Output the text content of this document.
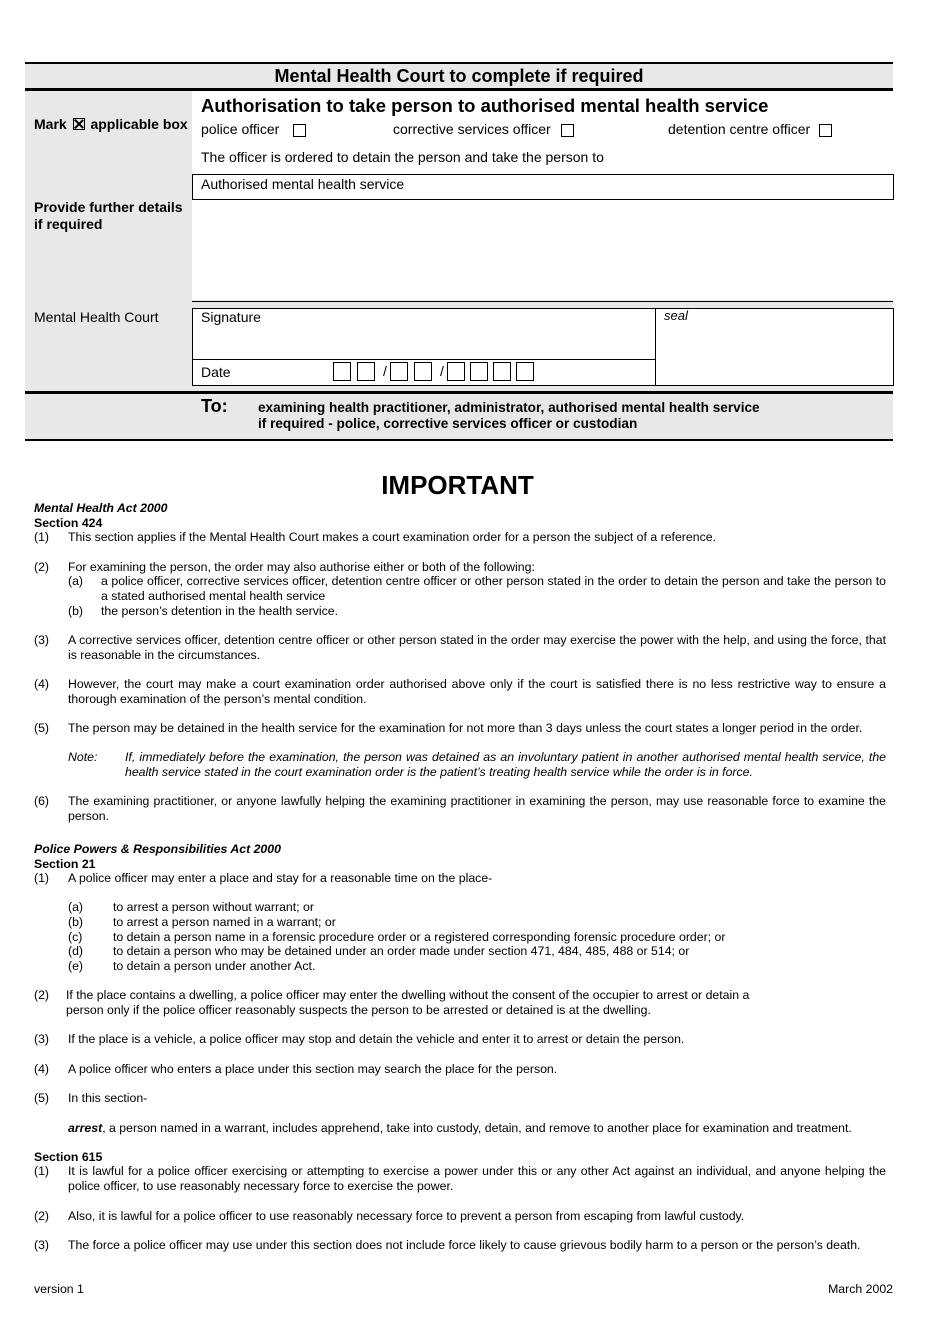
Mental Health Court to complete if required
Mark applicable box
Authorisation to take person to authorised mental health service
police officer	corrective services officer	detention centre officer
The officer is ordered to detain the person and take the person to
Authorised mental health service
Provide further details if required
Mental Health Court	Signature	seal
Date	/	/
To: examining health practitioner, administrator, authorised mental health service
if required - police, corrective services officer or custodian
IMPORTANT
Mental Health Act 2000
Section 424
(1) This section applies if the Mental Health Court makes a court examination order for a person the subject of a reference.
(2) For examining the person, the order may also authorise either or both of the following:
(a) a police officer, corrective services officer, detention centre officer or other person stated in the order to detain the person and take the person to a stated authorised mental health service
(b) the person’s detention in the health service.
(3) A corrective services officer, detention centre officer or other person stated in the order may exercise the power with the help, and using the force, that is reasonable in the circumstances.
(4) However, the court may make a court examination order authorised above only if the court is satisfied there is no less restrictive way to ensure a thorough examination of the person’s mental condition.
(5) The person may be detained in the health service for the examination for not more than 3 days unless the court states a longer period in the order.
Note: If, immediately before the examination, the person was detained as an involuntary patient in another authorised mental health service, the health service stated in the court examination order is the patient’s treating health service while the order is in force.
(6) The examining practitioner, or anyone lawfully helping the examining practitioner in examining the person, may use reasonable force to examine the person.
Police Powers & Responsibilities Act 2000
Section 21
(1) A police officer may enter a place and stay for a reasonable time on the place-
(a) to arrest a person without warrant; or
(b) to arrest a person named in a warrant; or
(c) to detain a person name in a forensic procedure order or a registered corresponding forensic procedure order; or
(d) to detain a person who may be detained under an order made under section 471, 484, 485, 488 or 514; or
(e) to detain a person under another Act.
(2) If the place contains a dwelling, a police officer may enter the dwelling without the consent of the occupier to arrest or detain a person only if the police officer reasonably suspects the person to be arrested or detained is at the dwelling.
(3) If the place is a vehicle, a police officer may stop and detain the vehicle and enter it to arrest or detain the person.
(4) A police officer who enters a place under this section may search the place for the person.
(5) In this section-
arrest, a person named in a warrant, includes apprehend, take into custody, detain, and remove to another place for examination and treatment.
Section 615
(1) It is lawful for a police officer exercising or attempting to exercise a power under this or any other Act against an individual, and anyone helping the police officer, to use reasonably necessary force to exercise the power.
(2) Also, it is lawful for a police officer to use reasonably necessary force to prevent a person from escaping from lawful custody.
(3) The force a police officer may use under this section does not include force likely to cause grievous bodily harm to a person or the person’s death.
version 1	March 2002
